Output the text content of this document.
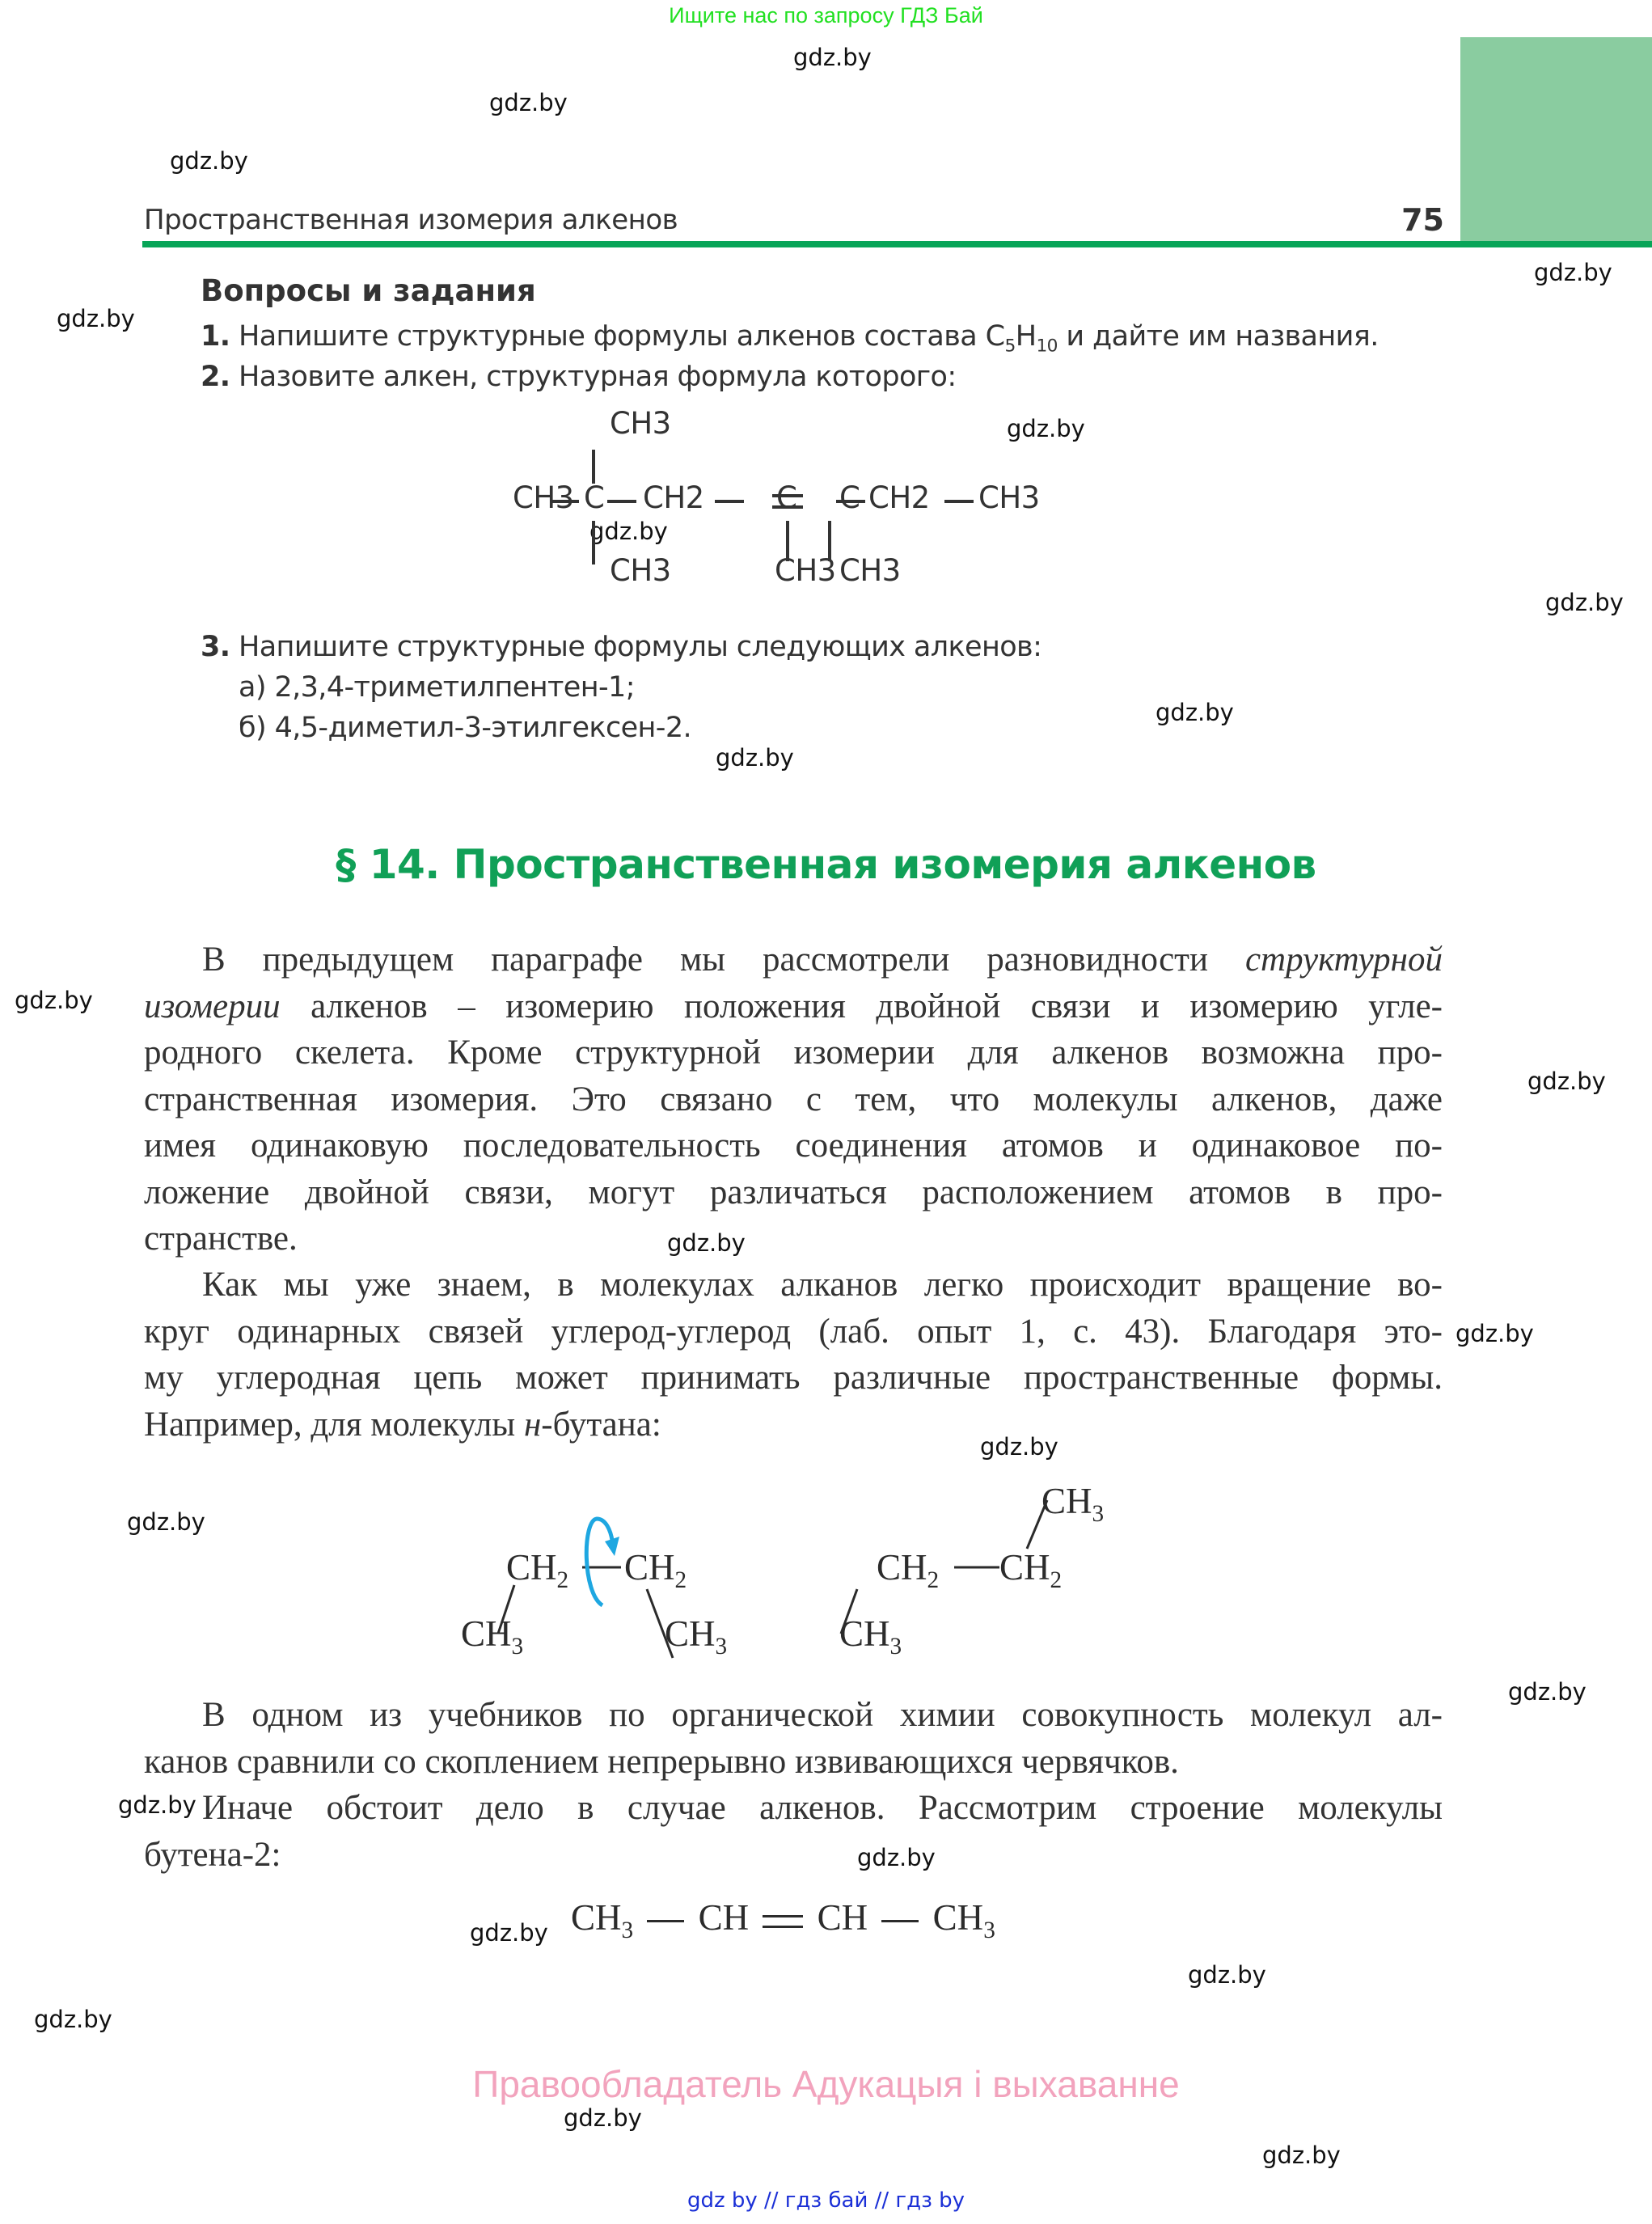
Ищите нас по запросу ГДЗ Бай
gdz.by
gdz.by
gdz.by
gdz.by
gdz.by
gdz.by
gdz.by
gdz.by
gdz.by
gdz.by
gdz.by
gdz.by
gdz.by
gdz.by
gdz.by
gdz.by
gdz.by
gdz.by
gdz.by
gdz.by
gdz.by
gdz.by
gdz.by
gdz.by
Пространственная изомерия алкенов	75
Вопросы и задания
1. Напишите структурные формулы алкенов состава $C_5H_{10}$ и дайте им названия.
2. Назовите алкен, структурная формула которого:
CH3
CH3 C CH2 C C CH2 CH3
CH3	CH3 CH3
3. Напишите структурные формулы следующих алкенов:
а) 2,3,4-триметилпентен-1;
б) 4,5-диметил-3-этилгексен-2.
§ 14. Пространственная изомерия алкенов
В предыдущем параграфе мы рассмотрели разновидности структурной
изомерии алкенов – изомерию положения двойной связи и изомерию угле-
родного скелета. Кроме структурной изомерии для алкенов возможна про-
странственная изомерия. Это связано с тем, что молекулы алкенов, даже
имея одинаковую последовательность соединения атомов и одинаковое по-
ложение двойной связи, могут различаться расположением атомов в про-
странстве.
Как мы уже знаем, в молекулах алканов легко происходит вращение во-
круг одинарных связей углерод-углерод (лаб. опыт 1, с. 43). Благодаря это-
му углеродная цепь может принимать различные пространственные формы.
Например, для молекулы н-бутана:
$CH_2$ $CH_2$
$CH_3$	$CH_3$
$CH_2$ $CH_2$
$CH_3$
$CH_3$
В одном из учебников по органической химии совокупность молекул ал-
канов сравнили со скоплением непрерывно извивающихся червячков.
Иначе обстоит дело в случае алкенов. Рассмотрим строение молекулы
бутена-2:
$CH_3$ CH CH $CH_3$
Правообладатель Адукацыя і выхаванне
gdz by // гдз бай // гдз by
